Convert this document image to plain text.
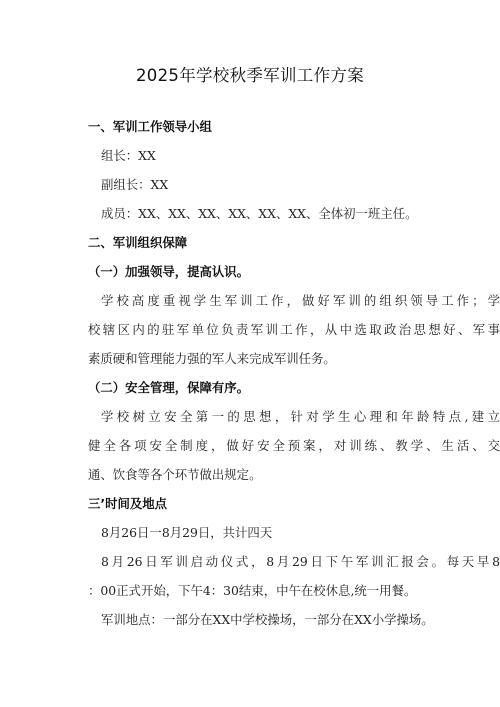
2025年学校秋季军训工作方案
一、军训工作领导小组
组长：XX
副组长：XX
成员：XX、XX、XX、XX、XX、XX、全体初一班主任。
二、军训组织保障
（一）加强领导，提高认识。
学校高度重视学生军训工作，做好军训的组织领导工作；学
校辖区内的驻军单位负责军训工作，从中选取政治思想好、军事
素质硬和管理能力强的军人来完成军训任务。
（二）安全管理，保障有序。
学校树立安全第一的思想，针对学生心理和年龄特点,建立
健全各项安全制度，做好安全预案，对训练、教学、生活、交
通、饮食等各个环节做出规定。
三’时间及地点
8月26日一8月29日，共计四天
8月26日军训启动仪式，8月29日下午军训汇报会。每天早8
：00正式开始，下午4：30结束，中午在校休息,统一用餐。
军训地点：一部分在XX中学校操场，一部分在XX小学操场。
